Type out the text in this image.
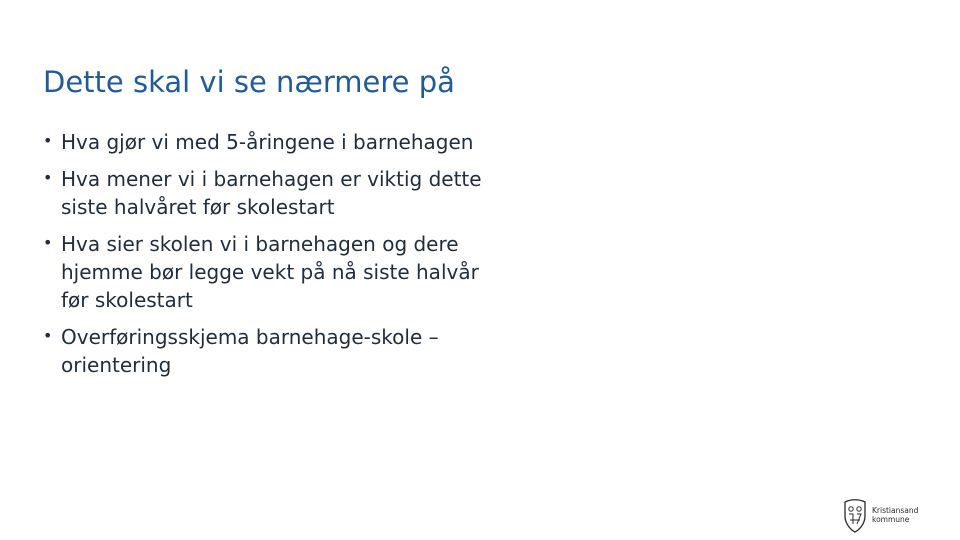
Dette skal vi se nærmere på
• Hva gjør vi med 5-åringene i barnehagen
• Hva mener vi i barnehagen er viktig dette
siste halvåret før skolestart
• Hva sier skolen vi i barnehagen og dere
hjemme bør legge vekt på nå siste halvår
før skolestart
• Overføringsskjema barnehage-skole –
orientering
Kristiansand
kommune
